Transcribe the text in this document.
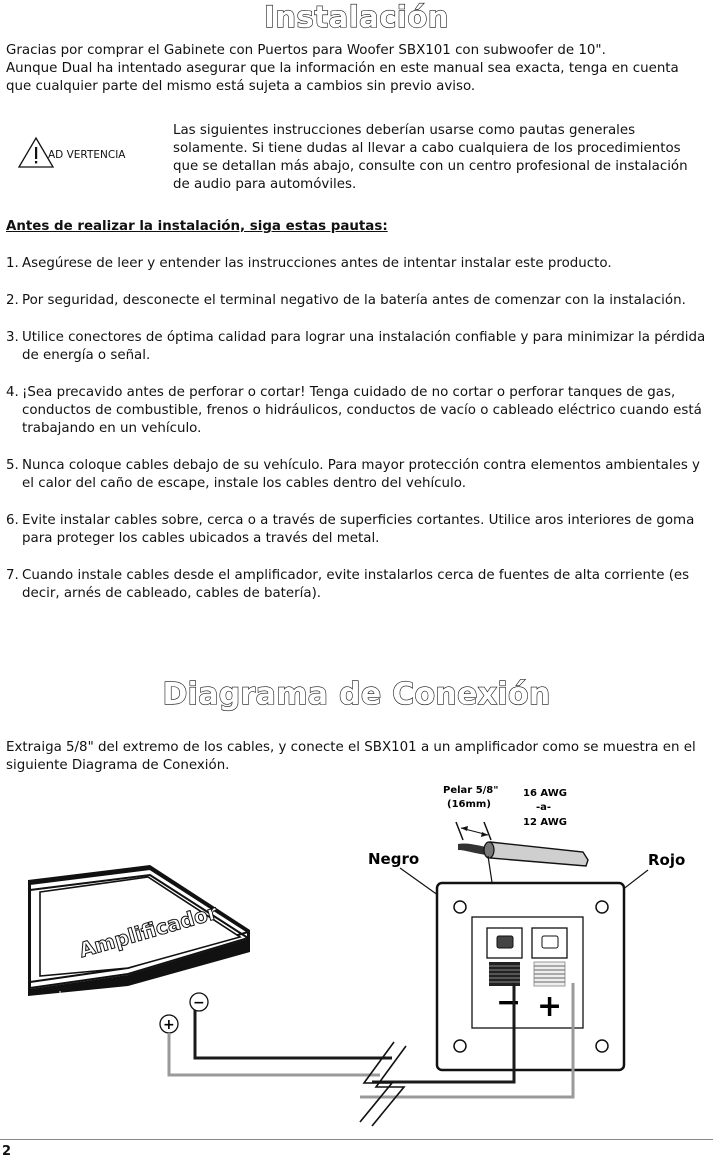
Instalación
Gracias por comprar el Gabinete con Puertos para Woofer SBX101 con subwoofer de 10".
Aunque Dual ha intentado asegurar que la información en este manual sea exacta, tenga en cuenta que cualquier parte del mismo está sujeta a cambios sin previo aviso.
AD VERTENCIA
Las siguientes instrucciones deberían usarse como pautas generales solamente. Si tiene dudas al llevar a cabo cualquiera de los procedimientos que se detallan más abajo, consulte con un centro profesional de instalación de audio para automóviles.
Antes de realizar la instalación, siga estas pautas:
1. Asegúrese de leer y entender las instrucciones antes de intentar instalar este producto.
2. Por seguridad, desconecte el terminal negativo de la batería antes de comenzar con la instalación.
3. Utilice conectores de óptima calidad para lograr una instalación confiable y para minimizar la pérdida de energía o señal.
4. ¡Sea precavido antes de perforar o cortar! Tenga cuidado de no cortar o perforar tanques de gas, conductos de combustible, frenos o hidráulicos, conductos de vacío o cableado eléctrico cuando está trabajando en un vehículo.
5. Nunca coloque cables debajo de su vehículo. Para mayor protección contra elementos ambientales y el calor del caño de escape, instale los cables dentro del vehículo.
6. Evite instalar cables sobre, cerca o a través de superficies cortantes. Utilice aros interiores de goma para proteger los cables ubicados a través del metal.
7. Cuando instale cables desde el amplificador, evite instalarlos cerca de fuentes de alta corriente (es decir, arnés de cableado, cables de batería).
Diagrama de Conexión
Extraiga 5/8" del extremo de los cables, y conecte el SBX101 a un amplificador como se muestra en el siguiente Diagrama de Conexión.
Pelar 5/8"
(16mm)
16 AWG
-a-
12 AWG
Negro	Rojo
Amplificador
+
−	− +
2
